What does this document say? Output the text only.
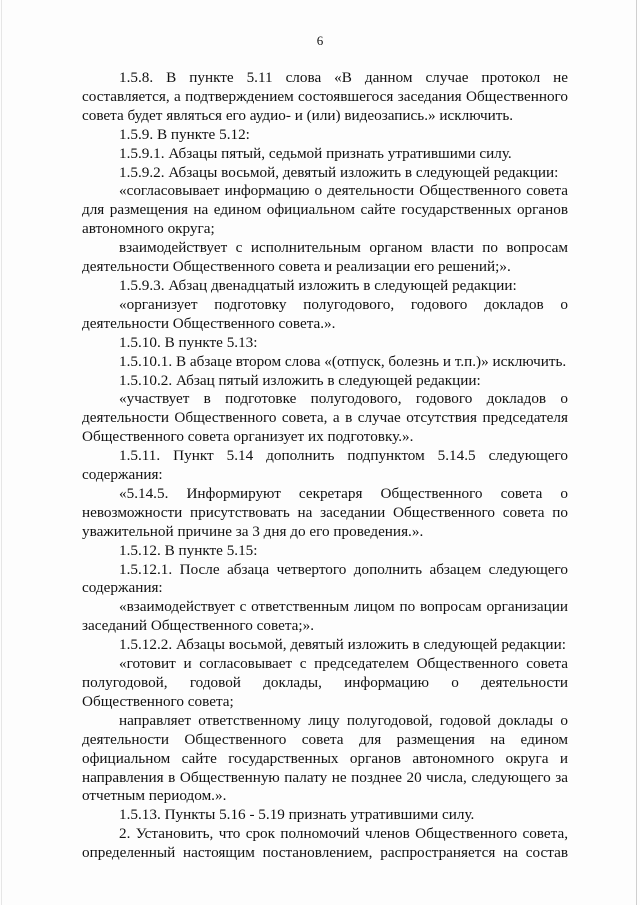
6

1.5.8. В пункте 5.11 слова «В данном случае протокол не составляется, а подтверждением состоявшегося заседания Общественного совета будет являться его аудио- и (или) видеозапись.» исключить.

1.5.9. В пункте 5.12:

1.5.9.1. Абзацы пятый, седьмой признать утратившими силу.

1.5.9.2. Абзацы восьмой, девятый изложить в следующей редакции:

«согласовывает информацию о деятельности Общественного совета для размещения на едином официальном сайте государственных органов автономного округа;

взаимодействует с исполнительным органом власти по вопросам деятельности Общественного совета и реализации его решений;».

1.5.9.3. Абзац двенадцатый изложить в следующей редакции:

«организует подготовку полугодового, годового докладов о деятельности Общественного совета.».

1.5.10. В пункте 5.13:

1.5.10.1. В абзаце втором слова «(отпуск, болезнь и т.п.)» исключить.

1.5.10.2. Абзац пятый изложить в следующей редакции:

«участвует в подготовке полугодового, годового докладов о деятельности Общественного совета, а в случае отсутствия председателя Общественного совета организует их подготовку.».

1.5.11. Пункт 5.14 дополнить подпунктом 5.14.5 следующего содержания:

«5.14.5. Информируют секретаря Общественного совета о невозможности присутствовать на заседании Общественного совета по уважительной причине за 3 дня до его проведения.».

1.5.12. В пункте 5.15:

1.5.12.1. После абзаца четвертого дополнить абзацем следующего содержания:

«взаимодействует с ответственным лицом по вопросам организации заседаний Общественного совета;».

1.5.12.2. Абзацы восьмой, девятый изложить в следующей редакции:

«готовит и согласовывает с председателем Общественного совета полугодовой, годовой доклады, информацию о деятельности Общественного совета;

направляет ответственному лицу полугодовой, годовой доклады о деятельности Общественного совета для размещения на едином официальном сайте государственных органов автономного округа и направления в Общественную палату не позднее 20 числа, следующего за отчетным периодом.».

1.5.13. Пункты 5.16 - 5.19 признать утратившими силу.

2. Установить, что срок полномочий членов Общественного совета, определенный настоящим постановлением, распространяется на состав
